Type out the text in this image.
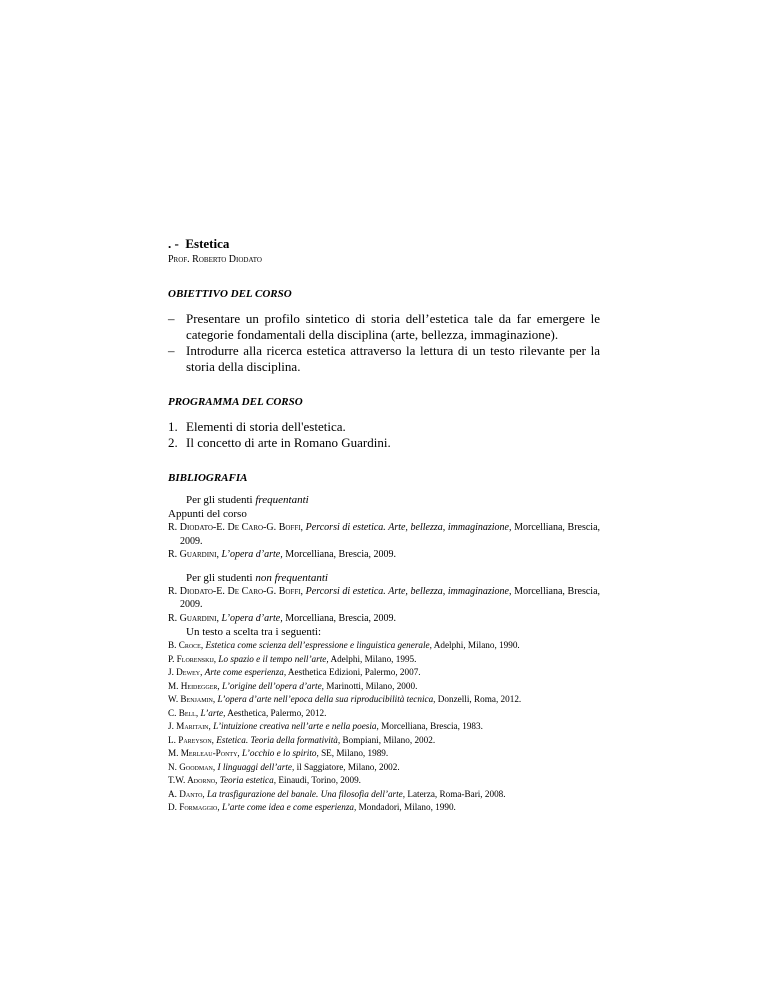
. - Estetica
Prof. Roberto Diodato
OBIETTIVO DEL CORSO
– Presentare un profilo sintetico di storia dell’estetica tale da far emergere le categorie fondamentali della disciplina (arte, bellezza, immaginazione).
– Introdurre alla ricerca estetica attraverso la lettura di un testo rilevante per la storia della disciplina.
PROGRAMMA DEL CORSO
1. Elementi di storia dell'estetica.
2. Il concetto di arte in Romano Guardini.
BIBLIOGRAFIA
Per gli studenti frequentanti
Appunti del corso

R. Diodato-E. De Caro-G. Boffi, Percorsi di estetica. Arte, bellezza, immaginazione, Morcelliana, Brescia, 2009.

R. Guardini, L’opera d’arte, Morcelliana, Brescia, 2009.

Per gli studenti non frequentanti

R. Diodato-E. De Caro-G. Boffi, Percorsi di estetica. Arte, bellezza, immaginazione, Morcelliana, Brescia, 2009.

R. Guardini, L’opera d’arte, Morcelliana, Brescia, 2009.

Un testo a scelta tra i seguenti:

B. Croce, Estetica come scienza dell’espressione e linguistica generale, Adelphi, Milano, 1990.

P. Florenskij, Lo spazio e il tempo nell’arte, Adelphi, Milano, 1995.

J. Dewey, Arte come esperienza, Aesthetica Edizioni, Palermo, 2007.

M. Heidegger, L’origine dell’opera d’arte, Marinotti, Milano, 2000.

W. Benjamin, L’opera d’arte nell’epoca della sua riproducibilità tecnica, Donzelli, Roma, 2012.

C. Bell, L’arte, Aesthetica, Palermo, 2012.

J. Maritain, L’intuizione creativa nell’arte e nella poesia, Morcelliana, Brescia, 1983.

L. Pareyson, Estetica. Teoria della formatività, Bompiani, Milano, 2002.

M. Merleau-Ponty, L’occhio e lo spirito, SE, Milano, 1989.

N. Goodman, I linguaggi dell’arte, il Saggiatore, Milano, 2002.

T.W. Adorno, Teoria estetica, Einaudi, Torino, 2009.

A. Danto, La trasfigurazione del banale. Una filosofia dell’arte, Laterza, Roma-Bari, 2008.

D. Formaggio, L’arte come idea e come esperienza, Mondadori, Milano, 1990.
